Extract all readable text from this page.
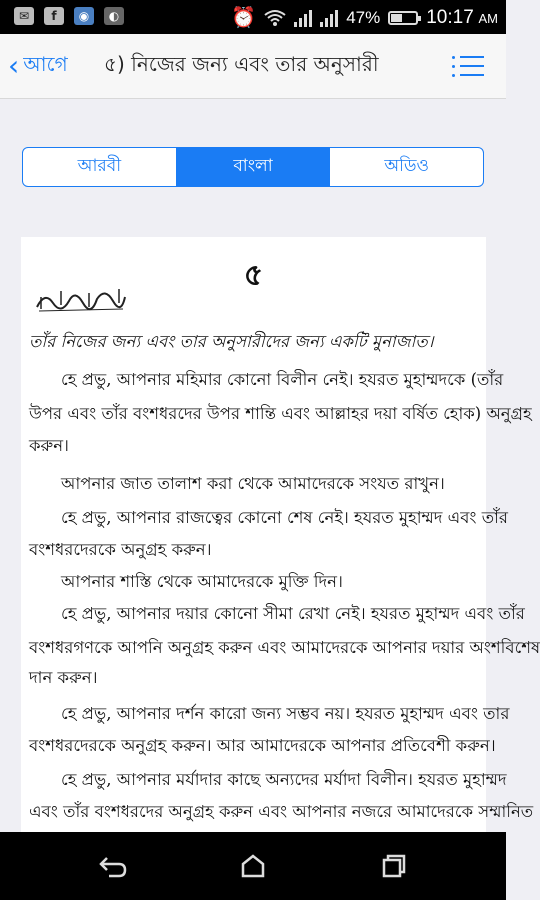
✉	f	◉	◐	⏰	47% 10:17 AM
‹ আগে ৫) নিজের জন্য এবং তার অনুসারী
আরবী	বাংলা	অডিও
৫
তাঁর নিজের জন্য এবং তার অনুসারীদের জন্য একটি মুনাজাত।
হে প্রভু, আপনার মহিমার কোনো বিলীন নেই। হযরত মুহাম্মদকে (তাঁর
উপর এবং তাঁর বংশধরদের উপর শান্তি এবং আল্লাহর দয়া বর্ষিত হোক) অনুগ্রহ
করুন।
আপনার জাত তালাশ করা থেকে আমাদেরকে সংযত রাখুন।
হে প্রভু, আপনার রাজত্বের কোনো শেষ নেই। হযরত মুহাম্মদ এবং তাঁর
বংশধরদেরকে অনুগ্রহ করুন।
আপনার শাস্তি থেকে আমাদেরকে মুক্তি দিন।
হে প্রভু, আপনার দয়ার কোনো সীমা রেখা নেই। হযরত মুহাম্মদ এবং তাঁর
বংশধরগণকে আপনি অনুগ্রহ করুন এবং আমাদেরকে আপনার দয়ার অংশবিশেষ
দান করুন।
হে প্রভু, আপনার দর্শন কারো জন্য সম্ভব নয়। হযরত মুহাম্মদ এবং তার
বংশধরদেরকে অনুগ্রহ করুন। আর আমাদেরকে আপনার প্রতিবেশী করুন।
হে প্রভু, আপনার মর্যাদার কাছে অন্যদের মর্যাদা বিলীন। হযরত মুহাম্মদ
এবং তাঁর বংশধরদের অনুগ্রহ করুন এবং আপনার নজরে আমাদেরকে সম্মানিত
